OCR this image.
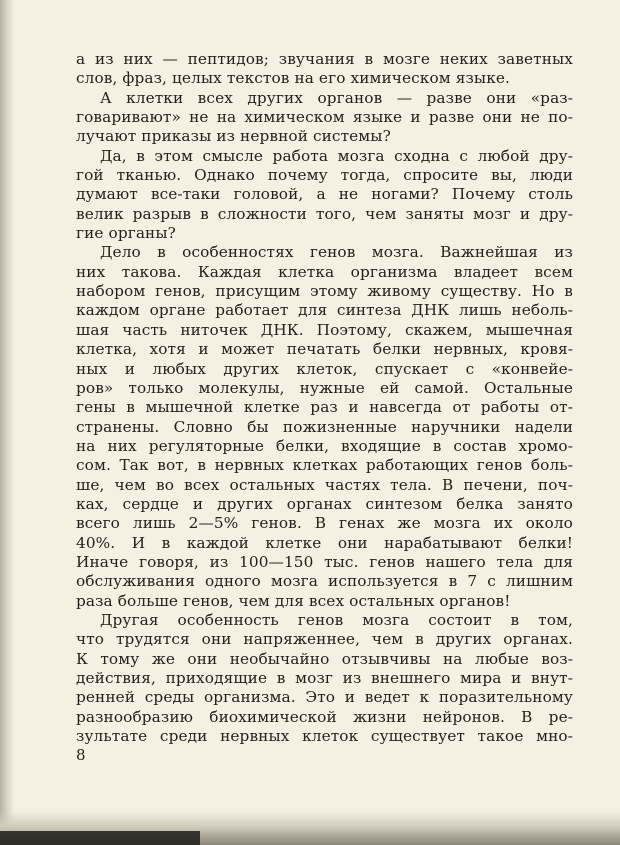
а из них — пептидов; звучания в мозге неких заветных
слов, фраз, целых текстов на его химическом языке.
А клетки всех других органов — разве они «раз-
говаривают» не на химическом языке и разве они не по-
лучают приказы из нервной системы?
Да, в этом смысле работа мозга сходна с любой дру-
гой тканью. Однако почему тогда, спросите вы, люди
думают все-таки головой, а не ногами? Почему столь
велик разрыв в сложности того, чем заняты мозг и дру-
гие органы?
Дело в особенностях генов мозга. Важнейшая из
них такова. Каждая клетка организма владеет всем
набором генов, присущим этому живому существу. Но в
каждом органе работает для синтеза ДНК лишь неболь-
шая часть ниточек ДНК. Поэтому, скажем, мышечная
клетка, хотя и может печатать белки нервных, кровя-
ных и любых других клеток, спускает с «конвейе-
ров» только молекулы, нужные ей самой. Остальные
гены в мышечной клетке раз и навсегда от работы от-
странены. Словно бы пожизненные наручники надели
на них регуляторные белки, входящие в состав хромо-
сом. Так вот, в нервных клетках работающих генов боль-
ше, чем во всех остальных частях тела. В печени, поч-
ках, сердце и других органах синтезом белка занято
всего лишь 2—5% генов. В генах же мозга их около
40%. И в каждой клетке они нарабатывают белки!
Иначе говоря, из 100—150 тыс. генов нашего тела для
обслуживания одного мозга используется в 7 с лишним
раза больше генов, чем для всех остальных органов!
Другая особенность генов мозга состоит в том,
что трудятся они напряженнее, чем в других органах.
К тому же они необычайно отзывчивы на любые воз-
действия, приходящие в мозг из внешнего мира и внут-
ренней среды организма. Это и ведет к поразительному
разнообразию биохимической жизни нейронов. В ре-
зультате среди нервных клеток существует такое мно-
8
